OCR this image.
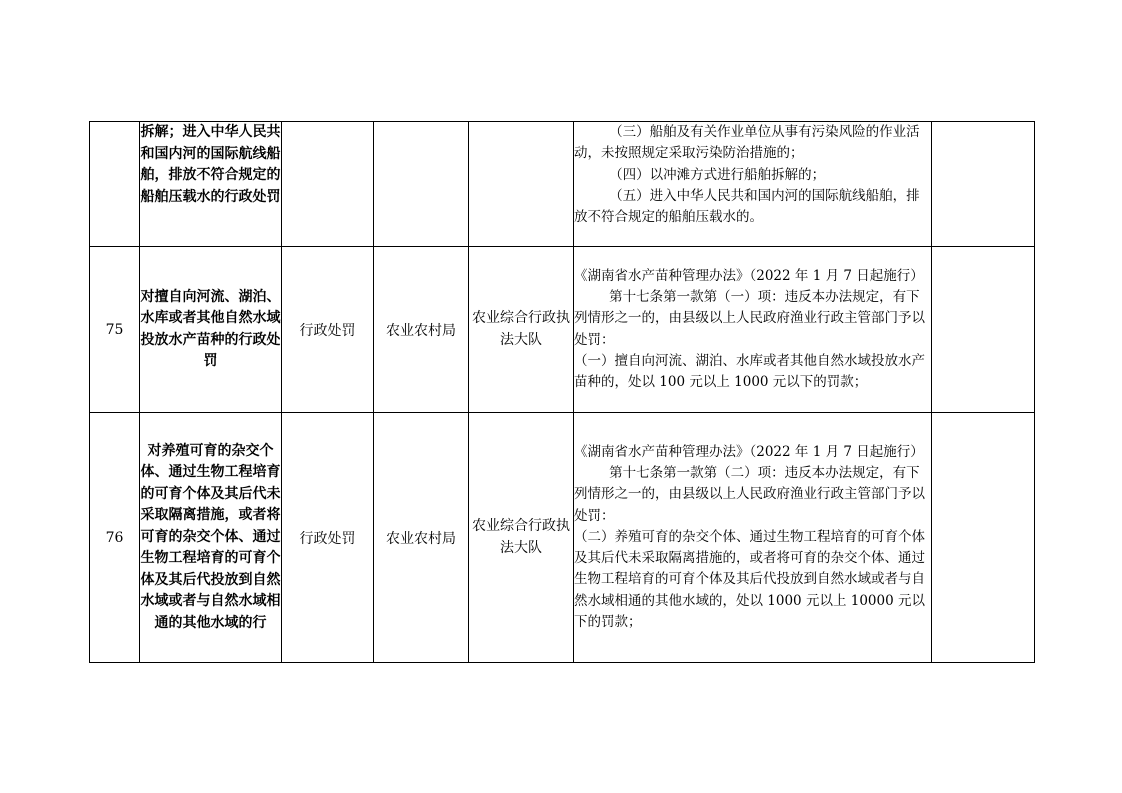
	拆解；进入中华人民共和国内河的国际航线船舶，排放不符合规定的船舶压载水的行政处罚				（三）船舶及有关作业单位从事有污染风险的作业活动，未按照规定采取污染防治措施的；

（四）以冲滩方式进行船舶拆解的；

（五）进入中华人民共和国内河的国际航线船舶，排放不符合规定的船舶压载水的。	

75	对擅自向河流、湖泊、水库或者其他自然水域投放水产苗种的行政处罚	行政处罚	农业农村局	农业综合行政执法大队	《湖南省水产苗种管理办法》（2022 年 1 月 7 日起施行）

第十七条第一款第（一）项：违反本办法规定，有下列情形之一的，由县级以上人民政府渔业行政主管部门予以处罚：

（一）擅自向河流、湖泊、水库或者其他自然水域投放水产苗种的，处以 100 元以上 1000 元以下的罚款；	

76	对养殖可育的杂交个体、通过生物工程培育的可育个体及其后代未采取隔离措施，或者将可育的杂交个体、通过生物工程培育的可育个体及其后代投放到自然水域或者与自然水域相通的其他水域的行	行政处罚	农业农村局	农业综合行政执法大队	《湖南省水产苗种管理办法》（2022 年 1 月 7 日起施行）

第十七条第一款第（二）项：违反本办法规定，有下列情形之一的，由县级以上人民政府渔业行政主管部门予以处罚：

（二）养殖可育的杂交个体、通过生物工程培育的可育个体及其后代未采取隔离措施的，或者将可育的杂交个体、通过生物工程培育的可育个体及其后代投放到自然水域或者与自然水域相通的其他水域的，处以 1000 元以上 10000 元以下的罚款；	
